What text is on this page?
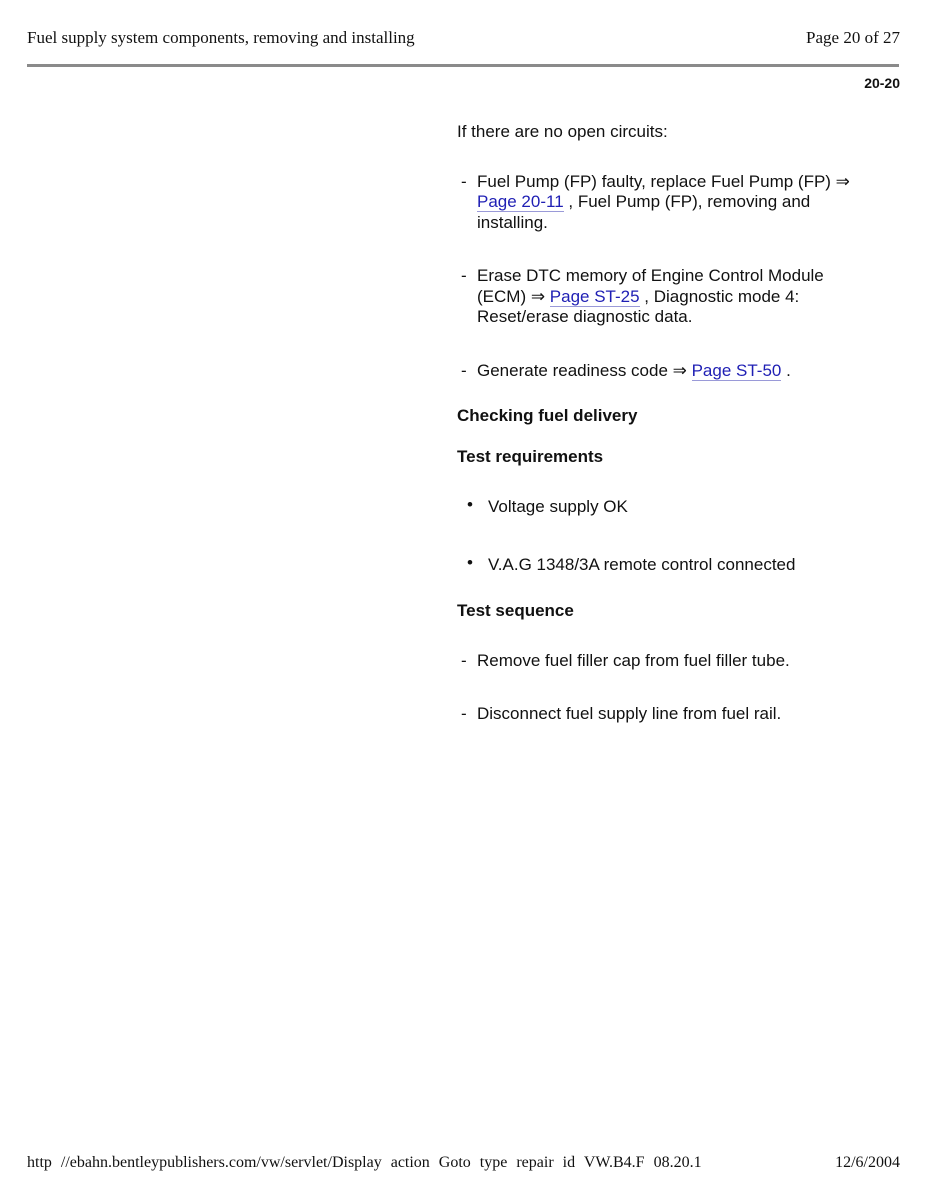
Fuel supply system components, removing and installing	Page 20 of 27
20-20

If there are no open circuits:

- Fuel Pump (FP) faulty, replace Fuel Pump (FP) ⇒ Page 20-11 , Fuel Pump (FP), removing and installing.
- Erase DTC memory of Engine Control Module (ECM) ⇒ Page ST-25 , Diagnostic mode 4: Reset/erase diagnostic data.
- Generate readiness code ⇒ Page ST-50 .

Checking fuel delivery

Test requirements

• Voltage supply OK
• V.A.G 1348/3A remote control connected

Test sequence

- Remove fuel filler cap from fuel filler tube.
- Disconnect fuel supply line from fuel rail.
http //ebahn.bentleypublishers.com/vw/servlet/Display action Goto type repair id VW.B4.F 08.20.1	12/6/2004
